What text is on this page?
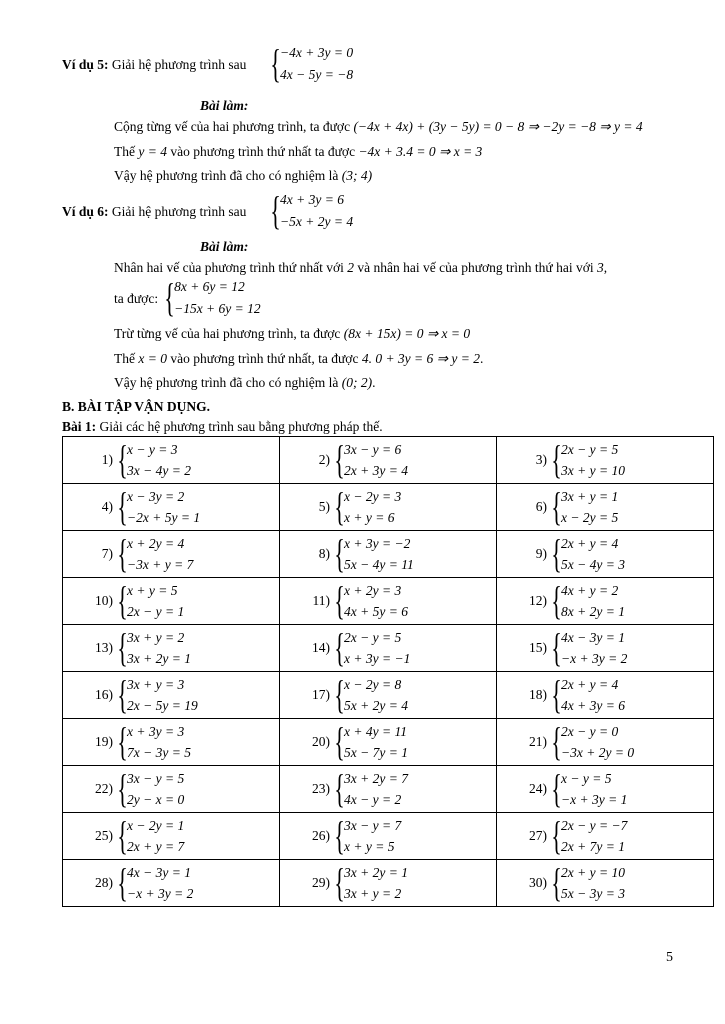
Ví dụ 5: Giải hệ phương trình sau { −4x + 3y = 0
4x − 5y = −8
Bài làm:
Cộng từng vế của hai phương trình, ta được (−4x + 4x) + (3y − 5y) = 0 − 8 ⇒ −2y = −8 ⇒ y = 4
Thế y = 4 vào phương trình thứ nhất ta được −4x + 3.4 = 0 ⇒ x = 3
Vậy hệ phương trình đã cho có nghiệm là (3; 4)
Ví dụ 6: Giải hệ phương trình sau { 4x + 3y = 6
−5x + 2y = 4
Bài làm:
Nhân hai vế của phương trình thứ nhất với 2 và nhân hai vế của phương trình thứ hai với 3,
ta được: { 8x + 6y = 12
−15x + 6y = 12
Trừ từng vế của hai phương trình, ta được (8x + 15x) = 0 ⇒ x = 0
Thế x = 0 vào phương trình thứ nhất, ta được 4. 0 + 3y = 6 ⇒ y = 2.
Vậy hệ phương trình đã cho có nghiệm là (0; 2).
B. BÀI TẬP VẬN DỤNG.
Bài 1: Giải các hệ phương trình sau bằng phương pháp thế.
1) { x − y = 3
3x − 4y = 2	2) { 3x − y = 6
2x + 3y = 4	3) { 2x − y = 5
3x + y = 10

4) { x − 3y = 2
−2x + 5y = 1	5) { x − 2y = 3
x + y = 6	6) { 3x + y = 1
x − 2y = 5

7) { x + 2y = 4
−3x + y = 7	8) { x + 3y = −2
5x − 4y = 11	9) { 2x + y = 4
5x − 4y = 3

10) { x + y = 5
2x − y = 1	11) { x + 2y = 3
4x + 5y = 6	12) { 4x + y = 2
8x + 2y = 1

13) { 3x + y = 2
3x + 2y = 1	14) { 2x − y = 5
x + 3y = −1	15) { 4x − 3y = 1
−x + 3y = 2

16) { 3x + y = 3
2x − 5y = 19	17) { x − 2y = 8
5x + 2y = 4	18) { 2x + y = 4
4x + 3y = 6

19) { x + 3y = 3
7x − 3y = 5	20) { x + 4y = 11
5x − 7y = 1	21) { 2x − y = 0
−3x + 2y = 0

22) { 3x − y = 5
2y − x = 0	23) { 3x + 2y = 7
4x − y = 2	24) { x − y = 5
−x + 3y = 1

25) { x − 2y = 1
2x + y = 7	26) { 3x − y = 7
x + y = 5	27) { 2x − y = −7
2x + 7y = 1

28) { 4x − 3y = 1
−x + 3y = 2	29) { 3x + 2y = 1
3x + y = 2	30) { 2x + y = 10
5x − 3y = 3
5
